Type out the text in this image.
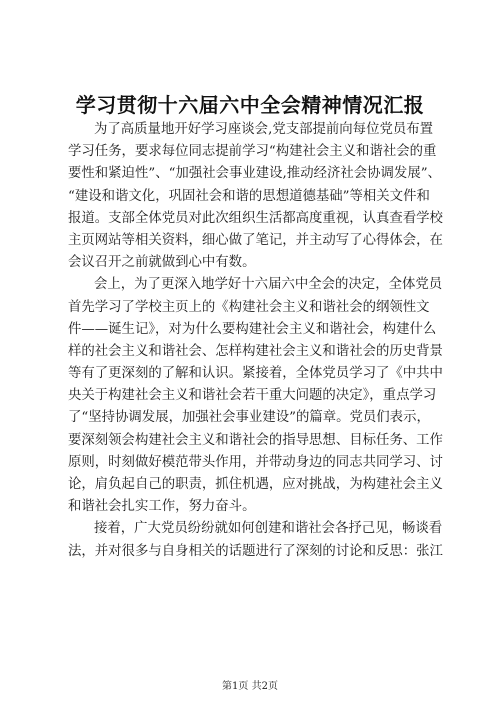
学习贯彻十六届六中全会精神情况汇报
为了高质量地开好学习座谈会,党支部提前向每位党员布置
学习任务，要求每位同志提前学习“构建社会主义和谐社会的重
要性和紧迫性”、“加强社会事业建设,推动经济社会协调发展”、
“建设和谐文化，巩固社会和谐的思想道德基础”等相关文件和
报道。支部全体党员对此次组织生活都高度重视，认真查看学校
主页网站等相关资料，细心做了笔记，并主动写了心得体会，在
会议召开之前就做到心中有数。
会上，为了更深入地学好十六届六中全会的决定，全体党员
首先学习了学校主页上的《构建社会主义和谐社会的纲领性文
件——诞生记》，对为什么要构建社会主义和谐社会，构建什么
样的社会主义和谐社会、怎样构建社会主义和谐社会的历史背景
等有了更深刻的了解和认识。紧接着，全体党员学习了《中共中
央关于构建社会主义和谐社会若干重大问题的决定》，重点学习
了“坚持协调发展，加强社会事业建设”的篇章。党员们表示，
要深刻领会构建社会主义和谐社会的指导思想、目标任务、工作
原则，时刻做好模范带头作用，并带动身边的同志共同学习、讨
论，肩负起自己的职责，抓住机遇，应对挑战，为构建社会主义
和谐社会扎实工作，努力奋斗。
接着，广大党员纷纷就如何创建和谐社会各抒己见，畅谈看
法，并对很多与自身相关的话题进行了深刻的讨论和反思：张江
第1页 共2页
